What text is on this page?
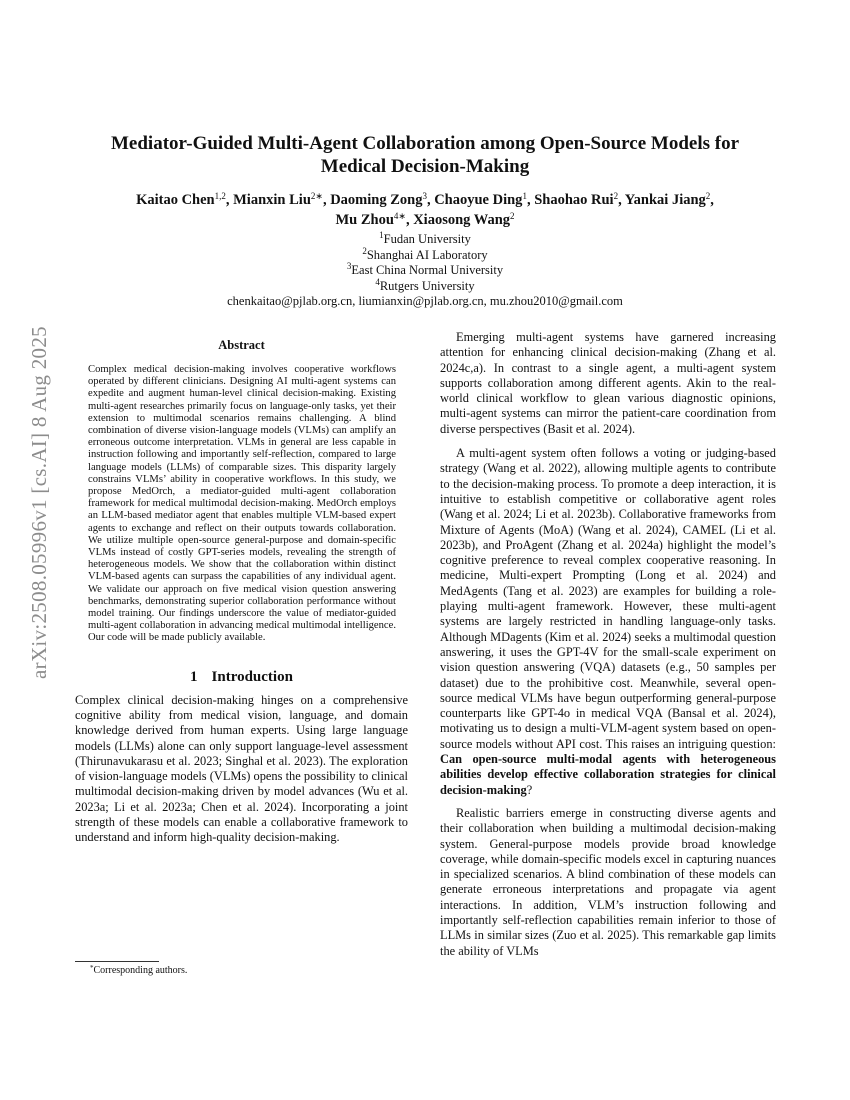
arXiv:2508.05996v1 [cs.AI] 8 Aug 2025
Mediator-Guided Multi-Agent Collaboration among Open-Source Models for Medical Decision-Making
Kaitao Chen$^{1,2}$, Mianxin Liu$^{2∗}$, Daoming Zong$^3$, Chaoyue Ding$^1$, Shaohao Rui$^2$, Yankai Jiang$^2$,
Mu Zhou$^{4∗}$, Xiaosong Wang$^2$
$^1$Fudan University
$^2$Shanghai AI Laboratory
$^3$East China Normal University
$^4$Rutgers University
chenkaitao@pjlab.org.cn, liumianxin@pjlab.org.cn, mu.zhou2010@gmail.com
Abstract

Complex medical decision-making involves cooperative workflows operated by different clinicians. Designing AI multi-agent systems can expedite and augment human-level clinical decision-making. Existing multi-agent researches primarily focus on language-only tasks, yet their extension to multimodal scenarios remains challenging. A blind combination of diverse vision-language models (VLMs) can amplify an erroneous outcome interpretation. VLMs in general are less capable in instruction following and importantly self-reflection, compared to large language models (LLMs) of comparable sizes. This disparity largely constrains VLMs’ ability in cooperative workflows. In this study, we propose MedOrch, a mediator-guided multi-agent collaboration framework for medical multimodal decision-making. MedOrch employs an LLM-based mediator agent that enables multiple VLM-based expert agents to exchange and reflect on their outputs towards collaboration. We utilize multiple open-source general-purpose and domain-specific VLMs instead of costly GPT-series models, revealing the strength of heterogeneous models. We show that the collaboration within distinct VLM-based agents can surpass the capabilities of any individual agent. We validate our approach on five medical vision question answering benchmarks, demonstrating superior collaboration performance without model training. Our findings underscore the value of mediator-guided multi-agent collaboration in advancing medical multimodal intelligence. Our code will be made publicly available.

1 Introduction

Complex clinical decision-making hinges on a comprehensive cognitive ability from medical vision, language, and domain knowledge derived from human experts. Using large language models (LLMs) alone can only support language-level assessment (Thirunavukarasu et al. 2023; Singhal et al. 2023). The exploration of vision-language models (VLMs) opens the possibility to clinical multimodal decision-making driven by model advances (Wu et al. 2023a; Li et al. 2023a; Chen et al. 2024). Incorporating a joint strength of these models can enable a collaborative framework to understand and inform high-quality decision-making.

Emerging multi-agent systems have garnered increasing attention for enhancing clinical decision-making (Zhang et al. 2024c,a). In contrast to a single agent, a multi-agent system supports collaboration among different agents. Akin to the real-world clinical workflow to glean various diagnostic opinions, multi-agent systems can mirror the patient-care coordination from diverse perspectives (Basit et al. 2024).

A multi-agent system often follows a voting or judging-based strategy (Wang et al. 2022), allowing multiple agents to contribute to the decision-making process. To promote a deep interaction, it is intuitive to establish competitive or collaborative agent roles (Wang et al. 2024; Li et al. 2023b). Collaborative frameworks from Mixture of Agents (MoA) (Wang et al. 2024), CAMEL (Li et al. 2023b), and ProAgent (Zhang et al. 2024a) highlight the model’s cognitive preference to reveal complex cooperative reasoning. In medicine, Multi-expert Prompting (Long et al. 2024) and MedAgents (Tang et al. 2023) are examples for building a role-playing multi-agent framework. However, these multi-agent systems are largely restricted in handling language-only tasks. Although MDagents (Kim et al. 2024) seeks a multimodal question answering, it uses the GPT-4V for the small-scale experiment on vision question answering (VQA) datasets (e.g., 50 samples per dataset) due to the prohibitive cost. Meanwhile, several open-source medical VLMs have begun outperforming general-purpose counterparts like GPT-4o in medical VQA (Bansal et al. 2024), motivating us to design a multi-VLM-agent system based on open-source models without API cost. This raises an intriguing question: Can open-source multi-modal agents with heterogeneous abilities develop effective collaboration strategies for clinical decision-making?

Realistic barriers emerge in constructing diverse agents and their collaboration when building a multimodal decision-making system. General-purpose models provide broad knowledge coverage, while domain-specific models excel in capturing nuances in specialized scenarios. A blind combination of these models can generate erroneous interpretations and propagate via agent interactions. In addition, VLM’s instruction following and importantly self-reflection capabilities remain inferior to those of LLMs in similar sizes (Zuo et al. 2025). This remarkable gap limits the ability of VLMs

*Corresponding authors.
